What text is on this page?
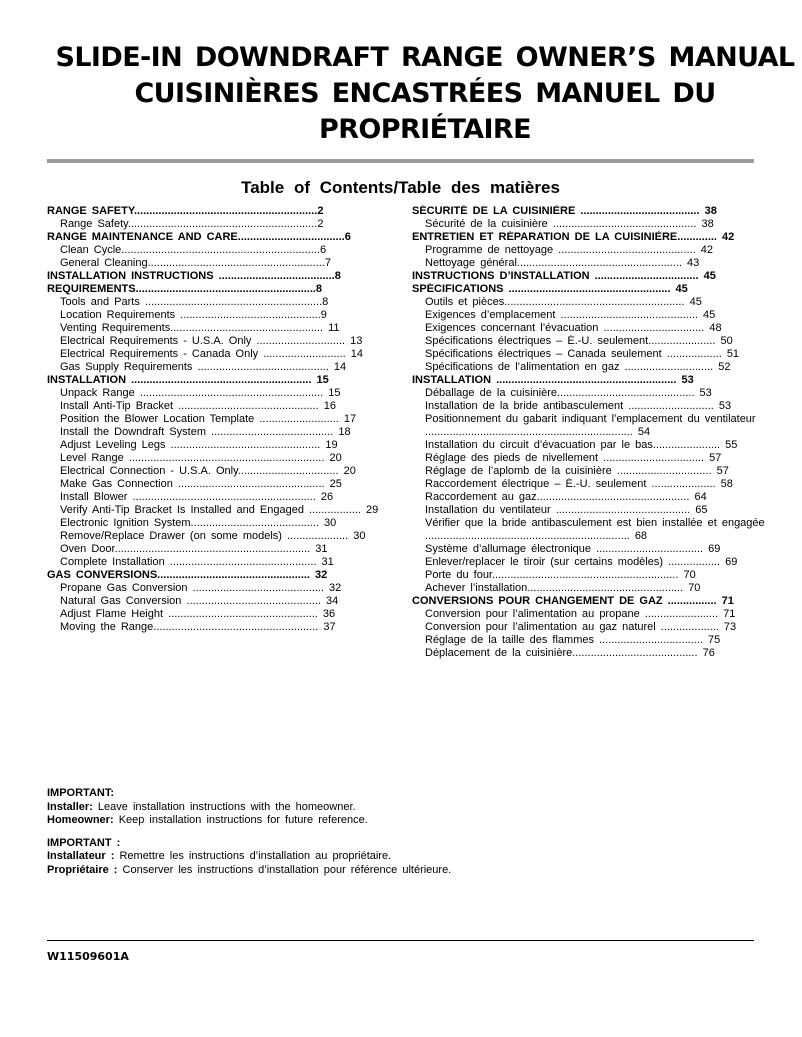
SLIDE-IN DOWNDRAFT RANGE OWNER’S MANUAL
CUISINIÈRES ENCASTRÉES MANUEL DU
PROPRIÉTAIRE
Table of Contents/Table des matières
RANGE SAFETY............................................................2
Range Safety..............................................................2
RANGE MAINTENANCE AND CARE...................................6
Clean Cycle.................................................................6
General Cleaning..........................................................7
INSTALLATION INSTRUCTIONS ......................................8
REQUIREMENTS...........................................................8
Tools and Parts ..........................................................8
Location Requirements ..............................................9
Venting Requirements.................................................. 11
Electrical Requirements - U.S.A. Only ............................. 13
Electrical Requirements - Canada Only ........................... 14
Gas Supply Requirements ........................................... 14
INSTALLATION ........................................................... 15
Unpack Range ............................................................ 15
Install Anti-Tip Bracket .............................................. 16
Position the Blower Location Template .......................... 17
Install the Downdraft System ........................................ 18
Adjust Leveling Legs ................................................. 19
Level Range ................................................................ 20
Electrical Connection - U.S.A. Only................................. 20
Make Gas Connection ................................................ 25
Install Blower ............................................................ 26
Verify Anti-Tip Bracket Is Installed and Engaged ................. 29
Electronic Ignition System.......................................... 30
Remove/Replace Drawer (on some models) .................... 30
Oven Door................................................................ 31
Complete Installation ................................................ 31
GAS CONVERSIONS.................................................. 32
Propane Gas Conversion ........................................... 32
Natural Gas Conversion ............................................ 34
Adjust Flame Height ................................................. 36
Moving the Range...................................................... 37
SÉCURITÉ DE LA CUISINIÈRE ....................................... 38
Sécurité de la cuisinière ............................................... 38
ENTRETIEN ET RÉPARATION DE LA CUISINIÈRE............. 42
Programme de nettoyage ............................................. 42
Nettoyage général...................................................... 43
INSTRUCTIONS D’INSTALLATION .................................. 45
SPÉCIFICATIONS ..................................................... 45
Outils et pièces........................................................... 45
Exigences d’emplacement ............................................. 45
Exigences concernant l’évacuation ................................. 48
Spécifications électriques – É.-U. seulement...................... 50
Spécifications électriques – Canada seulement .................. 51
Spécifications de l’alimentation en gaz ............................. 52
INSTALLATION ........................................................... 53
Déballage de la cuisinière............................................. 53
Installation de la bride antibasculement ............................ 53
Positionnement du gabarit indiquant l’emplacement du ventilateur .................................................................... 54
Installation du circuit d’évacuation par le bas...................... 55
Réglage des pieds de nivellement ................................. 57
Réglage de l’aplomb de la cuisinière ............................... 57
Raccordement électrique – É.-U. seulement ..................... 58
Raccordement au gaz.................................................. 64
Installation du ventilateur ............................................ 65
Vérifier que la bride antibasculement est bien installée et engagée ................................................................... 68
Système d’allumage électronique ................................... 69
Enlever/replacer le tiroir (sur certains modèles) ................. 69
Porte du four............................................................. 70
Achever l’installation................................................... 70
CONVERSIONS POUR CHANGEMENT DE GAZ ................ 71
Conversion pour l’alimentation au propane ........................ 71
Conversion pour l’alimentation au gaz naturel ................... 73
Réglage de la taille des flammes .................................. 75
Déplacement de la cuisinière......................................... 76
IMPORTANT:
Installer: Leave installation instructions with the homeowner.
Homeowner: Keep installation instructions for future reference.
IMPORTANT :
Installateur : Remettre les instructions d’installation au propriétaire.
Propriétaire : Conserver les instructions d’installation pour référence ultérieure.
W11509601A
